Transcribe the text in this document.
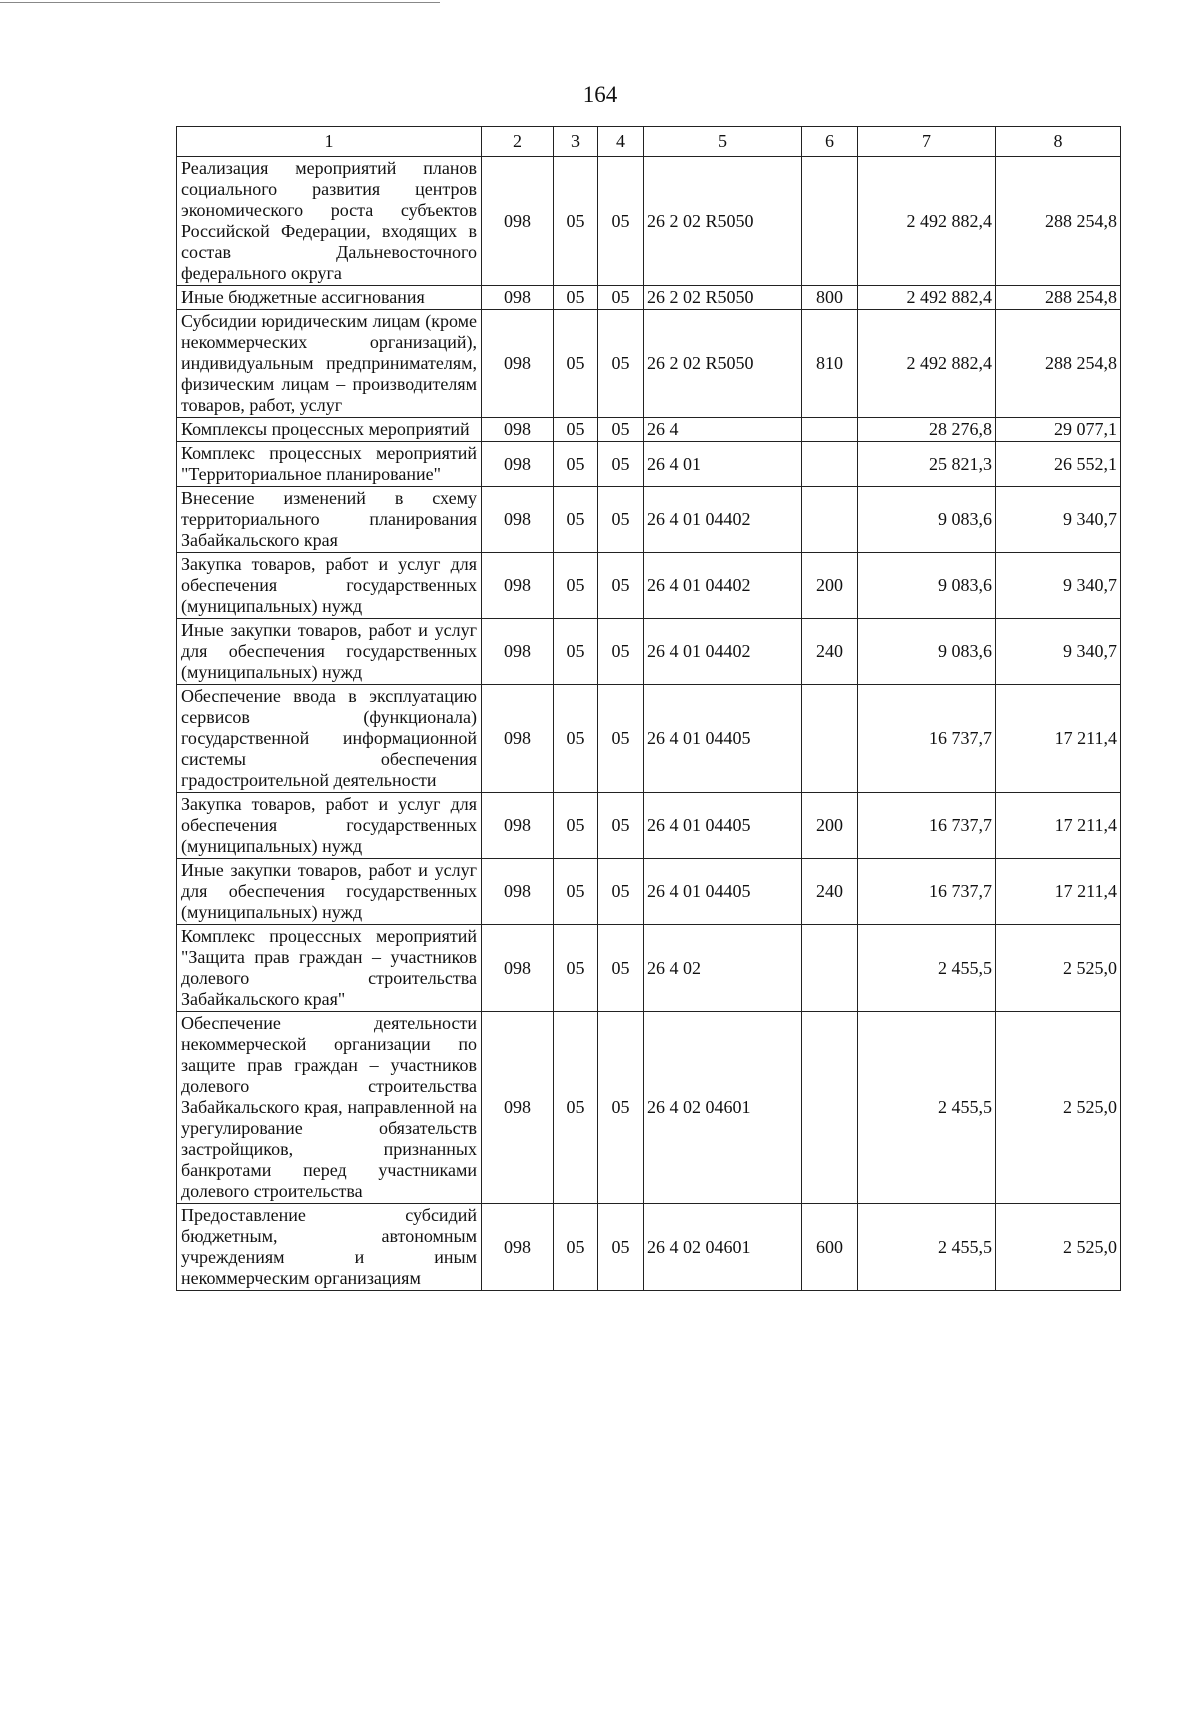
164
1	2	3	4	5	6	7	8
Реализация мероприятий планов социального развития центров экономического роста субъектов Российской Федерации, входящих в состав Дальневосточного федерального округа	098	05	05	26 2 02 R5050		2 492 882,4	288 254,8
Иные бюджетные ассигнования	098	05	05	26 2 02 R5050	800	2 492 882,4	288 254,8
Субсидии юридическим лицам (кроме некоммерческих организаций), индивидуальным предпринимателям, физическим лицам – производителям товаров, работ, услуг	098	05	05	26 2 02 R5050	810	2 492 882,4	288 254,8
Комплексы процессных мероприятий	098	05	05	26 4		28 276,8	29 077,1
Комплекс процессных мероприятий "Территориальное планирование"	098	05	05	26 4 01		25 821,3	26 552,1
Внесение изменений в схему территориального планирования Забайкальского края	098	05	05	26 4 01 04402		9 083,6	9 340,7
Закупка товаров, работ и услуг для обеспечения государственных (муниципальных) нужд	098	05	05	26 4 01 04402	200	9 083,6	9 340,7
Иные закупки товаров, работ и услуг для обеспечения государственных (муниципальных) нужд	098	05	05	26 4 01 04402	240	9 083,6	9 340,7
Обеспечение ввода в эксплуатацию сервисов (функционала) государственной информационной системы обеспечения градостроительной деятельности	098	05	05	26 4 01 04405		16 737,7	17 211,4
Закупка товаров, работ и услуг для обеспечения государственных (муниципальных) нужд	098	05	05	26 4 01 04405	200	16 737,7	17 211,4
Иные закупки товаров, работ и услуг для обеспечения государственных (муниципальных) нужд	098	05	05	26 4 01 04405	240	16 737,7	17 211,4
Комплекс процессных мероприятий "Защита прав граждан – участников долевого строительства Забайкальского края"	098	05	05	26 4 02		2 455,5	2 525,0
Обеспечение деятельности некоммерческой организации по защите прав граждан – участников долевого строительства Забайкальского края, направленной на урегулирование обязательств застройщиков, признанных банкротами перед участниками долевого строительства	098	05	05	26 4 02 04601		2 455,5	2 525,0
Предоставление субсидий бюджетным, автономным учреждениям и иным некоммерческим организациям	098	05	05	26 4 02 04601	600	2 455,5	2 525,0
